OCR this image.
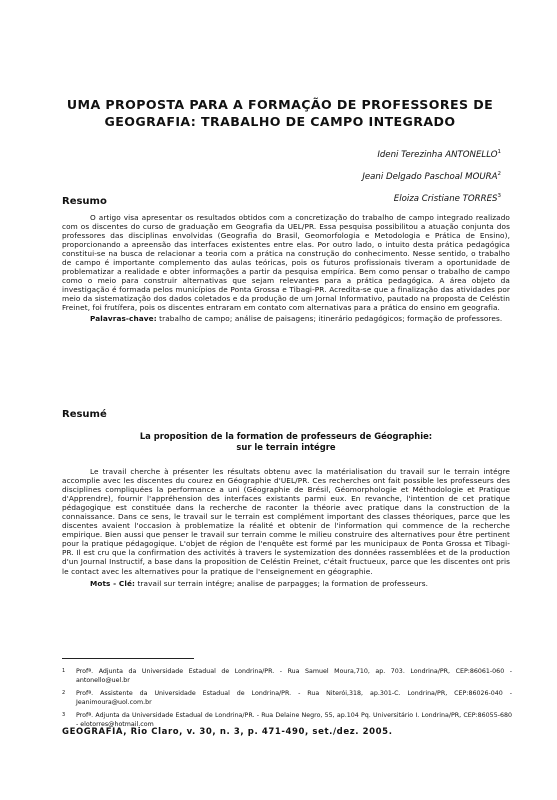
UMA PROPOSTA PARA A FORMAÇÃO DE PROFESSORES DE
GEOGRAFIA: TRABALHO DE CAMPO INTEGRADO
Ideni Terezinha ANTONELLO$^1$
Jeani Delgado Paschoal MOURA$^2$
Eloiza Cristiane TORRES$^3$
Resumo

O artigo visa apresentar os resultados obtidos com a concretização do trabalho de campo integrado realizado com os discentes do curso de graduação em Geografia da UEL/PR. Essa pesquisa possibilitou a atuação conjunta dos professores das disciplinas envolvidas (Geografia do Brasil, Geomorfologia e Metodologia e Prática de Ensino), proporcionando a apreensão das interfaces existentes entre elas. Por outro lado, o intuito desta prática pedagógica constitui-se na busca de relacionar a teoria com a prática na construção do conhecimento. Nesse sentido, o trabalho de campo é importante complemento das aulas teóricas, pois os futuros profissionais tiveram a oportunidade de problematizar a realidade e obter informações a partir da pesquisa empírica. Bem como pensar o trabalho de campo como o meio para construir alternativas que sejam relevantes para a prática pedagógica. A área objeto da investigação é formada pelos municípios de Ponta Grossa e Tibagi-PR. Acredita-se que a finalização das atividades por meio da sistematização dos dados coletados e da produção de um Jornal Informativo, pautado na proposta de Celéstin Freinet, foi frutífera, pois os discentes entraram em contato com alternativas para a prática do ensino em geografia.

Palavras-chave: trabalho de campo; análise de paisagens; itinerário pedagógicos; formação de professores.

Resumé
La proposition de la formation de professeurs de Géographie:
sur le terrain intégre

Le travail cherche à présenter les résultats obtenu avec la matérialisation du travail sur le terrain intégre accomplie avec les discentes du courez en Géographie d'UEL/PR. Ces recherches ont fait possible les professeurs des disciplines compliquées la performance a uni (Géographie de Brésil, Géomorphologie et Méthodologie et Pratique d'Apprendre), fournir l'appréhension des interfaces existants parmi eux. En revanche, l'intention de cet pratique pédagogique est constituée dans la recherche de raconter la théorie avec pratique dans la construction de la connaissance. Dans ce sens, le travail sur le terrain est complément important des classes théoriques, parce que les discentes avaient l'occasion à problematize la réalité et obtenir de l'information qui commence de la recherche empirique. Bien aussi que penser le travail sur terrain comme le milieu construire des alternatives pour être pertinent pour la pratique pédagogique. L'objet de région de l'enquête est formé par les municipaux de Ponta Grossa et Tibagi-PR. Il est cru que la confirmation des activités à travers le systemization des données rassemblées et de la production d'un Journal Instructif, a base dans la proposition de Celéstin Freinet, c'était fructueux, parce que les discentes ont pris le contact avec les alternatives pour la pratique de l'enseignement en géographie.

Mots - Clé: travail sur terrain intégre; analise de parpagges; la formation de professeurs.

1 Profª. Adjunta da Universidade Estadual de Londrina/PR. - Rua Samuel Moura,710, ap. 703. Londrina/PR, CEP:86061-060 - antonello@uel.br
2 Profª. Assistente da Universidade Estadual de Londrina/PR. - Rua Niterói,318, ap.301-C. Londrina/PR, CEP:86026-040 - Jeanimoura@uol.com.br
3 Profª. Adjunta da Universidade Estadual de Londrina/PR. - Rua Delaine Negro, 55, ap.104 Pq. Universitário I. Londrina/PR, CEP:86055-680 - elotorres@hotmail.com
GEOGRAFIA, Rio Claro, v. 30, n. 3, p. 471-490, set./dez. 2005.
